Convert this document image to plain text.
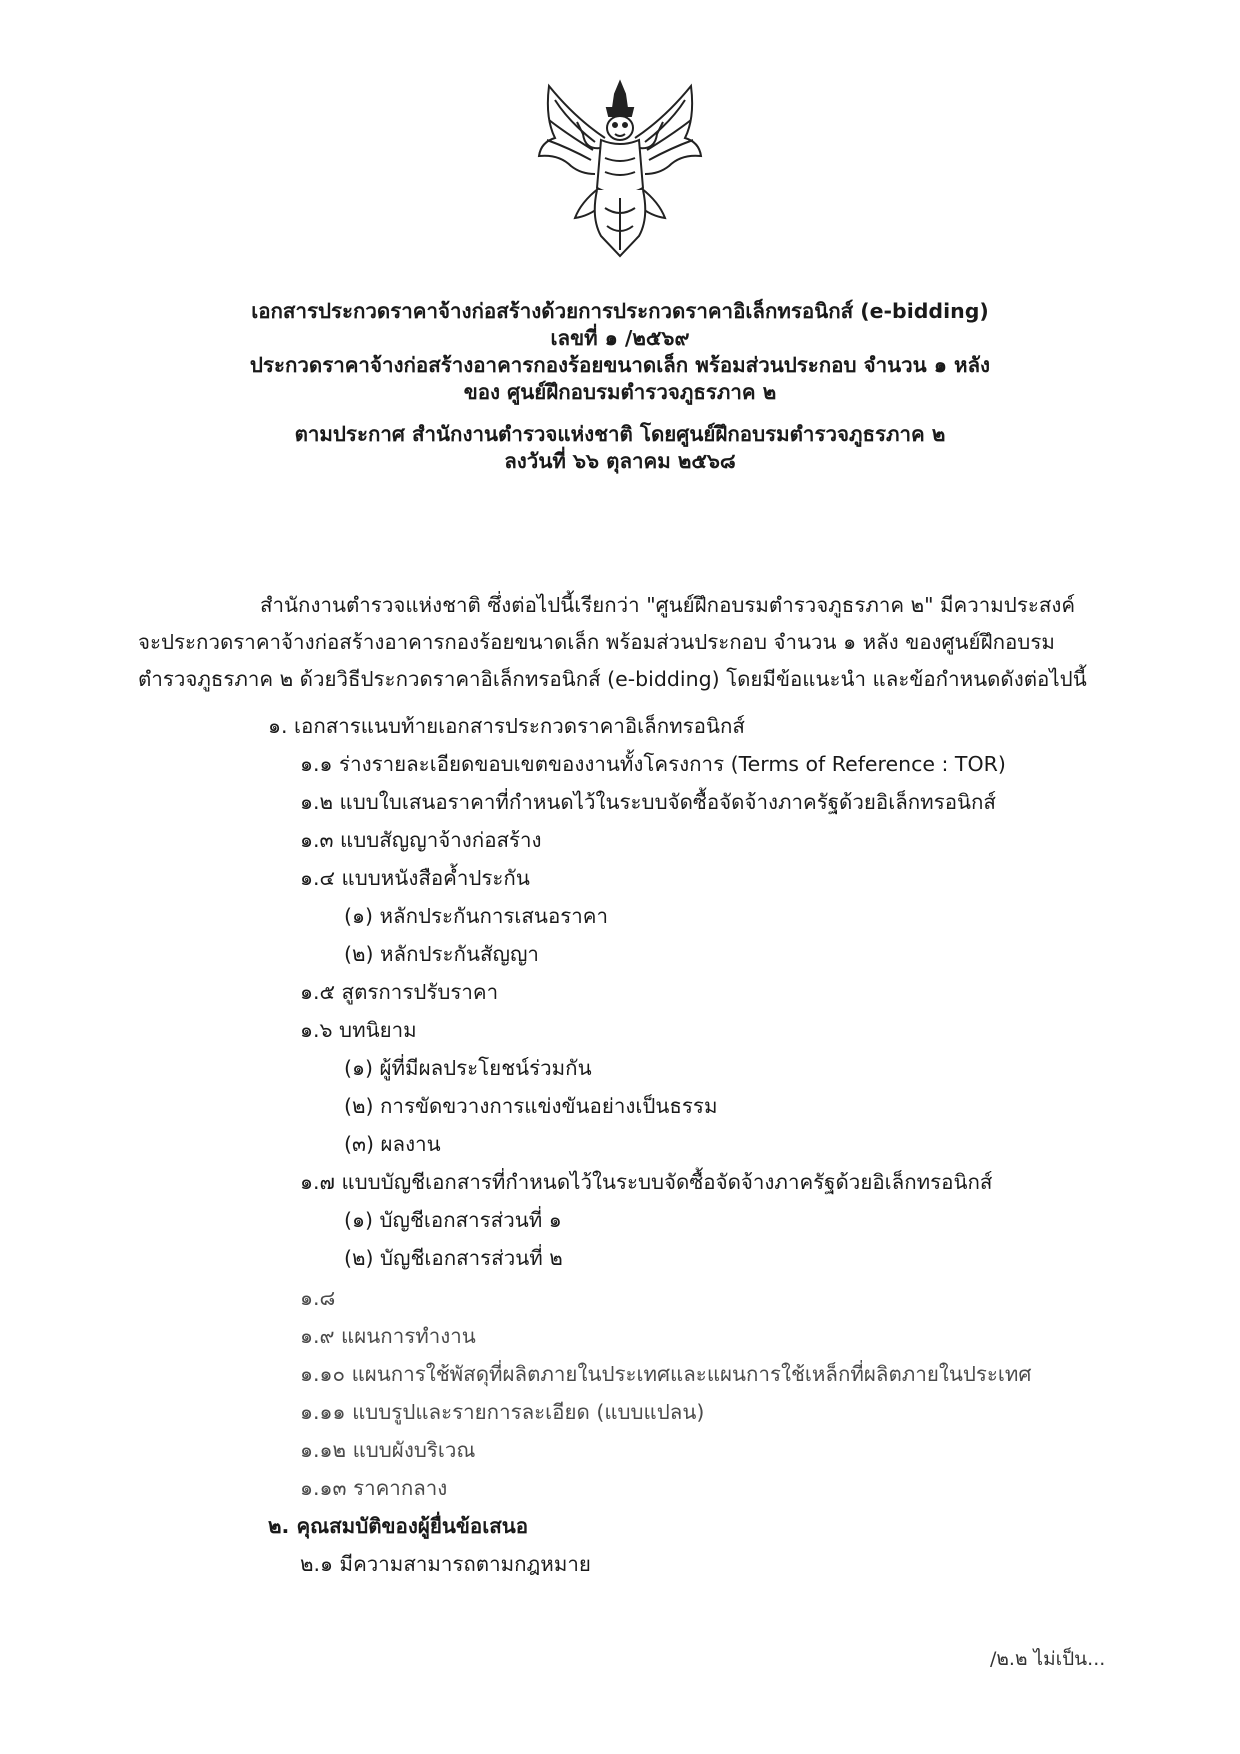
เอกสารประกวดราคาจ้างก่อสร้างด้วยการประกวดราคาอิเล็กทรอนิกส์ (e-bidding)

เลขที่ ๑ /๒๕๖๙

ประกวดราคาจ้างก่อสร้างอาคารกองร้อยขนาดเล็ก พร้อมส่วนประกอบ จำนวน ๑ หลัง

ของ ศูนย์ฝึกอบรมตำรวจภูธรภาค ๒

ตามประกาศ สำนักงานตำรวจแห่งชาติ โดยศูนย์ฝึกอบรมตำรวจภูธรภาค ๒

ลงวันที่ ๖๖ ตุลาคม ๒๕๖๘

สำนักงานตำรวจแห่งชาติ ซึ่งต่อไปนี้เรียกว่า "ศูนย์ฝึกอบรมตำรวจภูธรภาค ๒" มีความประสงค์

จะประกวดราคาจ้างก่อสร้างอาคารกองร้อยขนาดเล็ก พร้อมส่วนประกอบ จำนวน ๑ หลัง ของศูนย์ฝึกอบรม

ตำรวจภูธรภาค ๒ ด้วยวิธีประกวดราคาอิเล็กทรอนิกส์ (e-bidding) โดยมีข้อแนะนำ และข้อกำหนดดังต่อไปนี้

๑. เอกสารแนบท้ายเอกสารประกวดราคาอิเล็กทรอนิกส์

๑.๑ ร่างรายละเอียดขอบเขตของงานทั้งโครงการ (Terms of Reference : TOR)

๑.๒ แบบใบเสนอราคาที่กำหนดไว้ในระบบจัดซื้อจัดจ้างภาครัฐด้วยอิเล็กทรอนิกส์

๑.๓ แบบสัญญาจ้างก่อสร้าง

๑.๔ แบบหนังสือค้ำประกัน

(๑) หลักประกันการเสนอราคา

(๒) หลักประกันสัญญา

๑.๕ สูตรการปรับราคา

๑.๖ บทนิยาม

(๑) ผู้ที่มีผลประโยชน์ร่วมกัน

(๒) การขัดขวางการแข่งขันอย่างเป็นธรรม

(๓) ผลงาน

๑.๗ แบบบัญชีเอกสารที่กำหนดไว้ในระบบจัดซื้อจัดจ้างภาครัฐด้วยอิเล็กทรอนิกส์

(๑) บัญชีเอกสารส่วนที่ ๑

(๒) บัญชีเอกสารส่วนที่ ๒

๑.๘

๑.๙ แผนการทำงาน

๑.๑๐ แผนการใช้พัสดุที่ผลิตภายในประเทศและแผนการใช้เหล็กที่ผลิตภายในประเทศ

๑.๑๑ แบบรูปและรายการละเอียด (แบบแปลน)

๑.๑๒ แบบผังบริเวณ

๑.๑๓ ราคากลาง

๒. คุณสมบัติของผู้ยื่นข้อเสนอ

๒.๑ มีความสามารถตามกฎหมาย

/๒.๒ ไม่เป็น...
